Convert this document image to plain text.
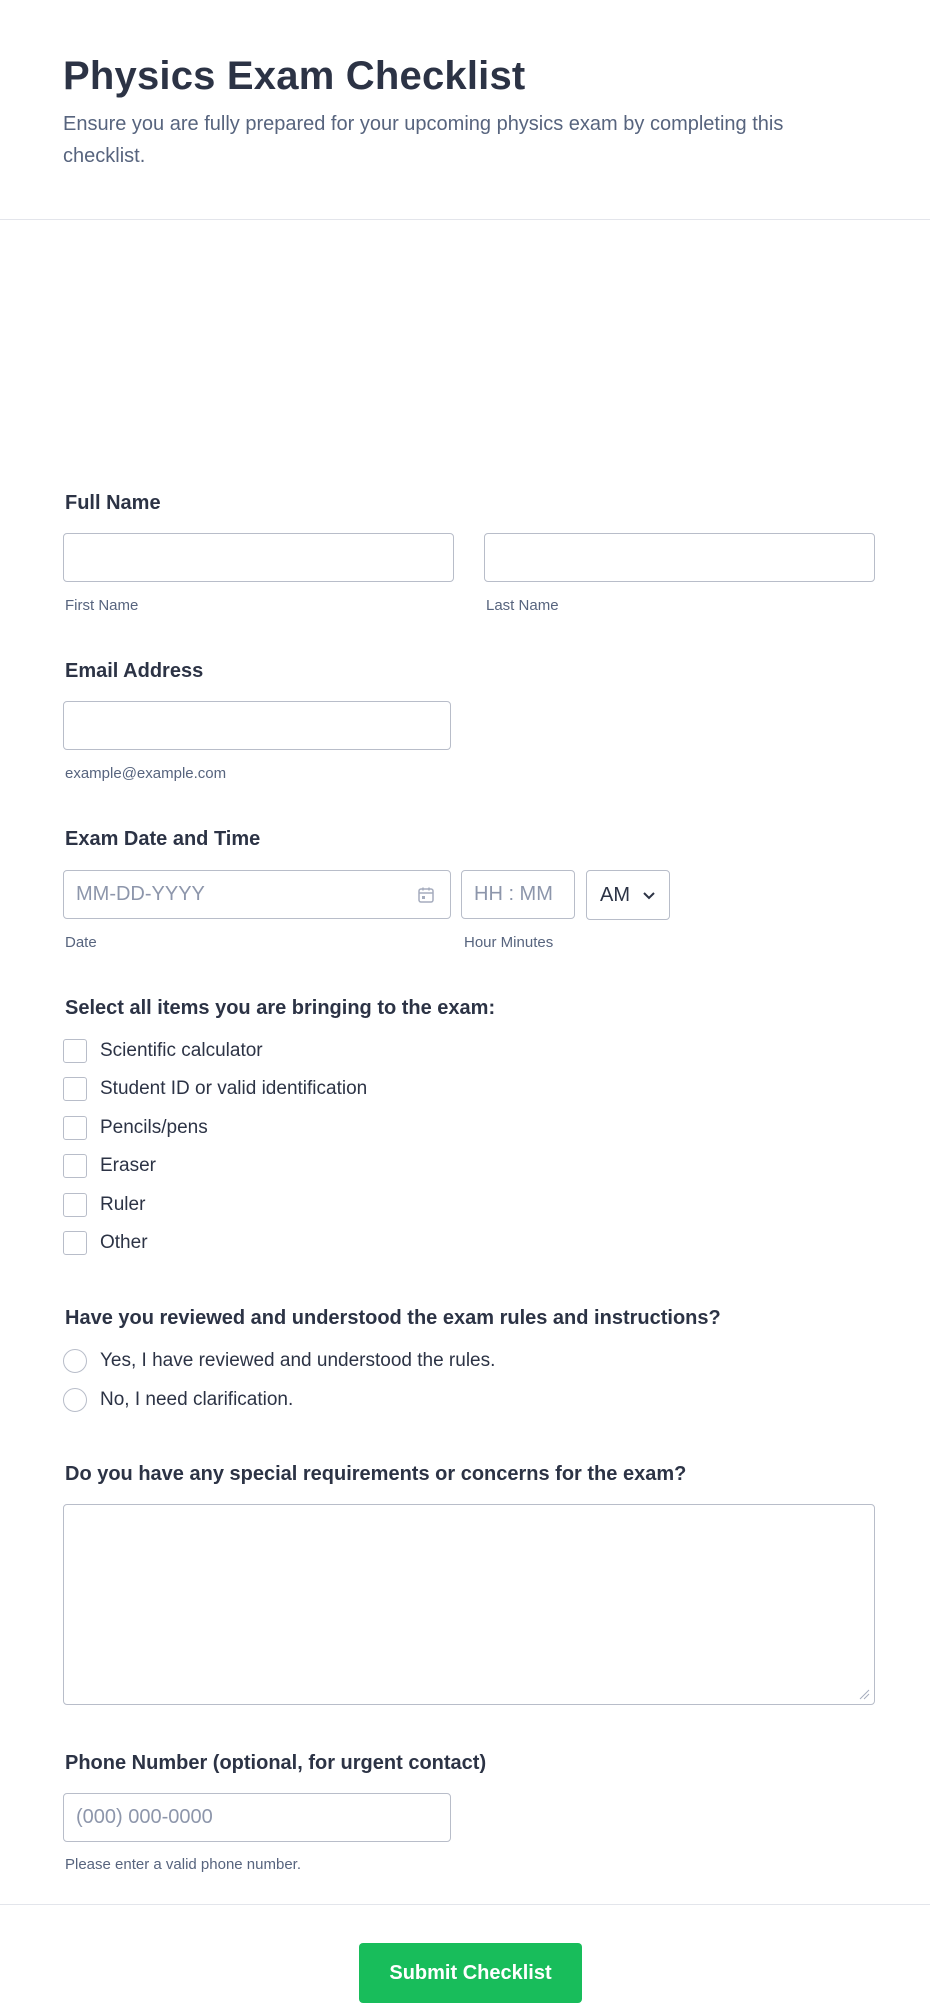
Physics Exam Checklist
Ensure you are fully prepared for your upcoming physics exam by completing this checklist.
Full Name
First Name	Last Name
Email Address
example@example.com
Exam Date and Time
MM-DD-YYYY	HH : MM AM
Date	Hour Minutes
Select all items you are bringing to the exam:
Scientific calculator
Student ID or valid identification
Pencils/pens
Eraser
Ruler
Other
Have you reviewed and understood the exam rules and instructions?
Yes, I have reviewed and understood the rules.
No, I need clarification.
Do you have any special requirements or concerns for the exam?
Phone Number (optional, for urgent contact)
(000) 000-0000
Please enter a valid phone number.
Submit Checklist
